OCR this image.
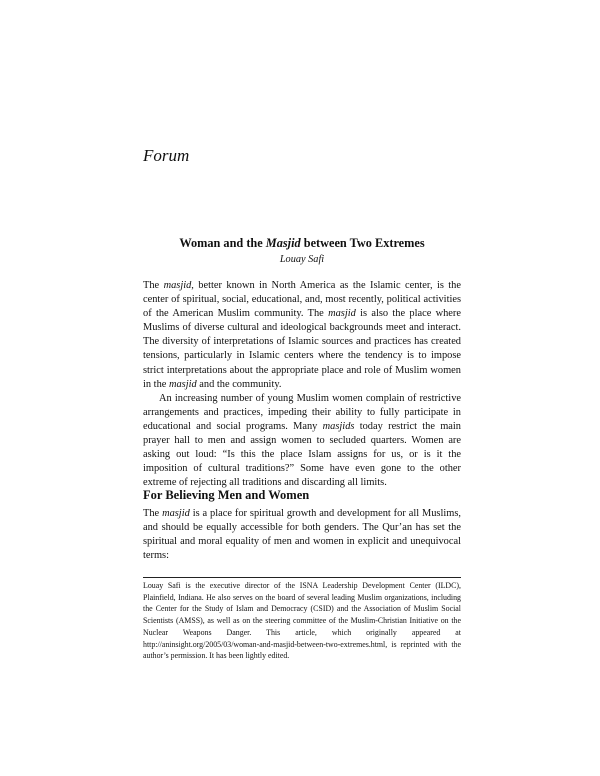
Forum
Woman and the Masjid between Two Extremes
Louay Safi

The masjid, better known in North America as the Islamic center, is the center of spiritual, social, educational, and, most recently, political activities of the American Muslim community. The masjid is also the place where Muslims of diverse cultural and ideological backgrounds meet and interact. The diversity of interpretations of Islamic sources and practices has created tensions, particularly in Islamic centers where the tendency is to impose strict interpretations about the appropriate place and role of Muslim women in the masjid and the community.

An increasing number of young Muslim women complain of restrictive arrangements and practices, impeding their ability to fully participate in educational and social programs. Many masjids today restrict the main prayer hall to men and assign women to secluded quarters. Women are asking out loud: “Is this the place Islam assigns for us, or is it the imposition of cultural traditions?” Some have even gone to the other extreme of rejecting all traditions and discarding all limits.

For Believing Men and Women

The masjid is a place for spiritual growth and development for all Muslims, and should be equally accessible for both genders. The Qur’an has set the spiritual and moral equality of men and women in explicit and unequivocal terms:

Louay Safi is the executive director of the ISNA Leadership Development Center (ILDC), Plainfield, Indiana. He also serves on the board of several leading Muslim organizations, including the Center for the Study of Islam and Democracy (CSID) and the Association of Muslim Social Scientists (AMSS), as well as on the steering committee of the Muslim-Christian Initiative on the Nuclear Weapons Danger. This article, which originally appeared at http://aninsight.org/2005/03/woman-and-masjid-between-two-extremes.html, is reprinted with the author’s permission. It has been lightly edited.
